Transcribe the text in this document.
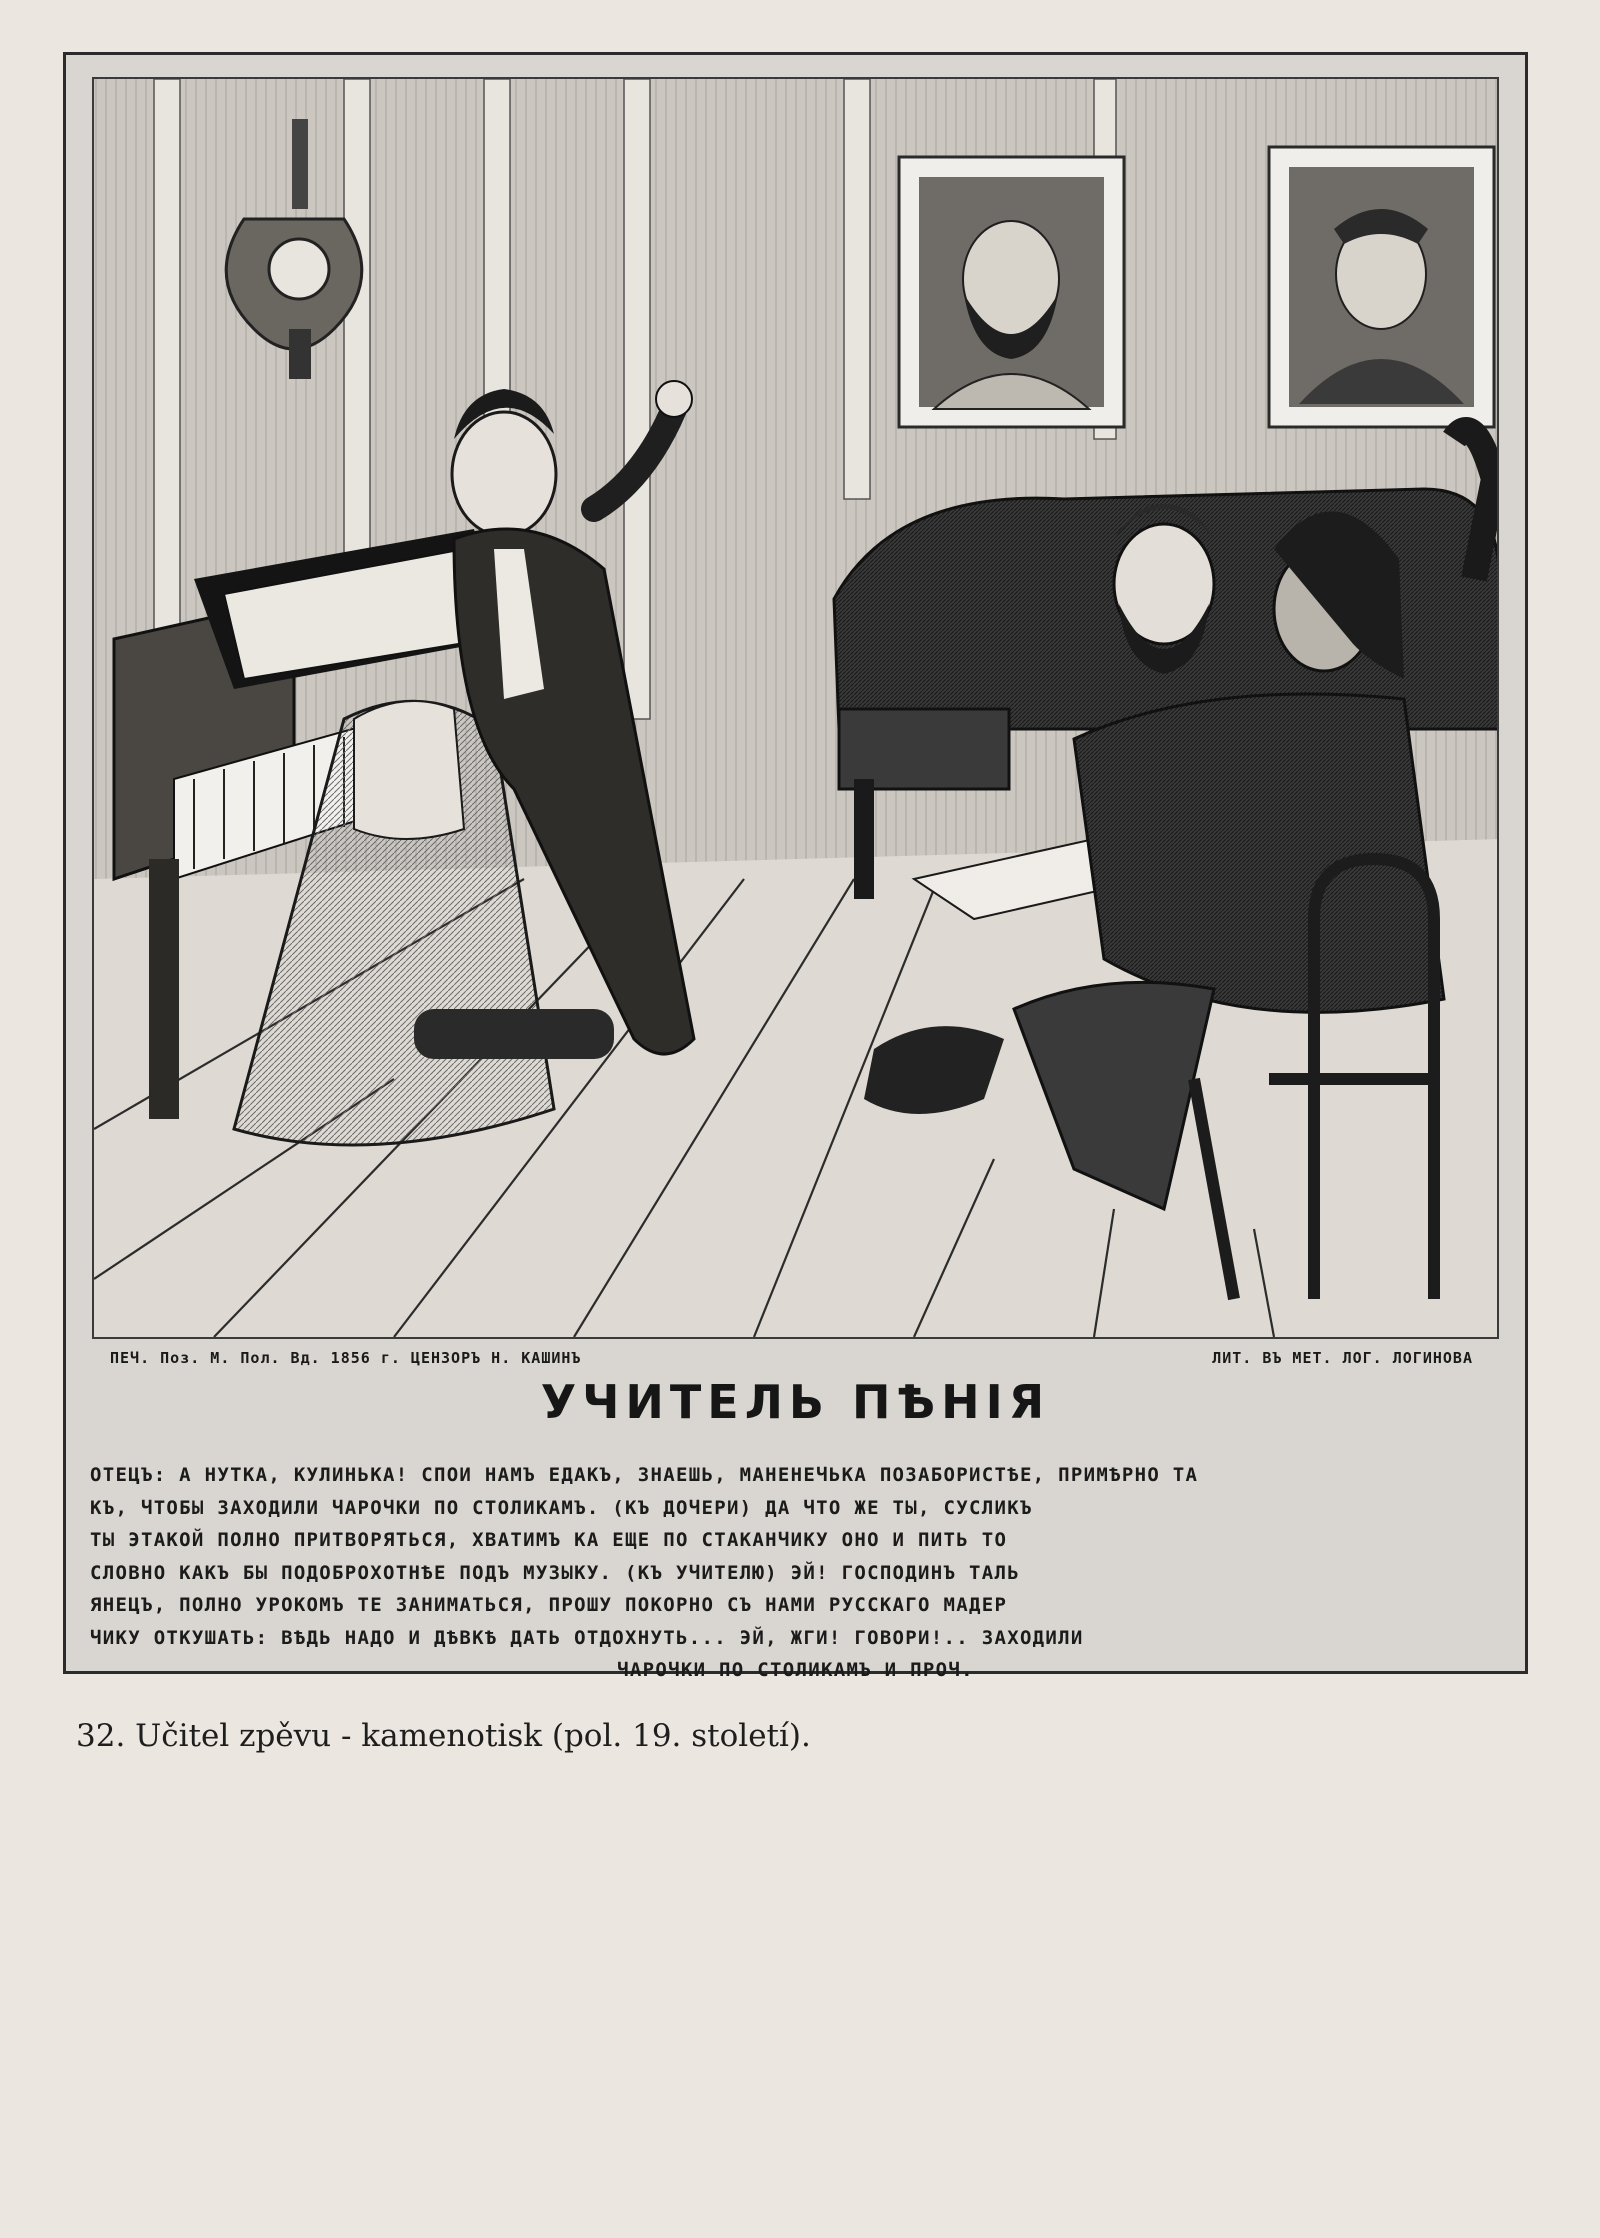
ПЕЧ. Поз. М. Пол. Вд. 1856 г. ЦЕНЗОРЪ Н. КАШИНЪ	ЛИТ. ВЪ МЕТ. ЛОГ. ЛОГИНОВА
УЧИТЕЛЬ ПѢНІЯ
ОТЕЦЪ: А НУТКА, КУЛИНЬКА! СПОИ НАМЪ ЕДАКЪ, ЗНАЕШЬ, МАНЕНЕЧЬКА ПОЗАБОРИСТѢЕ, ПРИМѢРНО ТА
КЪ, ЧТОБЫ ЗАХОДИЛИ ЧАРОЧКИ ПО СТОЛИКАМЪ. (КЪ ДОЧЕРИ) ДА ЧТО ЖЕ ТЫ, СУСЛИКЪ
ТЫ ЭТАКОЙ ПОЛНО ПРИТВОРЯТЬСЯ, ХВАТИМЪ КА ЕЩЕ ПО СТАКАНЧИКУ ОНО И ПИТЬ ТО
СЛОВНО КАКЪ БЫ ПОДОБРОХОТНѢЕ ПОДЪ МУЗЫКУ. (КЪ УЧИТЕЛЮ) ЭЙ! ГОСПОДИНЪ ТАЛЬ
ЯНЕЦЪ, ПОЛНО УРОКОМЪ ТЕ ЗАНИМАТЬСЯ, ПРОШУ ПОКОРНО СЪ НАМИ РУССКАГО МАДЕР
ЧИКУ ОТКУШАТЬ: ВѢДЬ НАДО И ДѢВКѢ ДАТЬ ОТДОХНУТЬ... ЭЙ, ЖГИ! ГОВОРИ!.. ЗАХОДИЛИ
ЧАРОЧКИ ПО СТОЛИКАМЪ И ПРОЧ.
32. Učitel zpěvu - kamenotisk (pol. 19. století).
